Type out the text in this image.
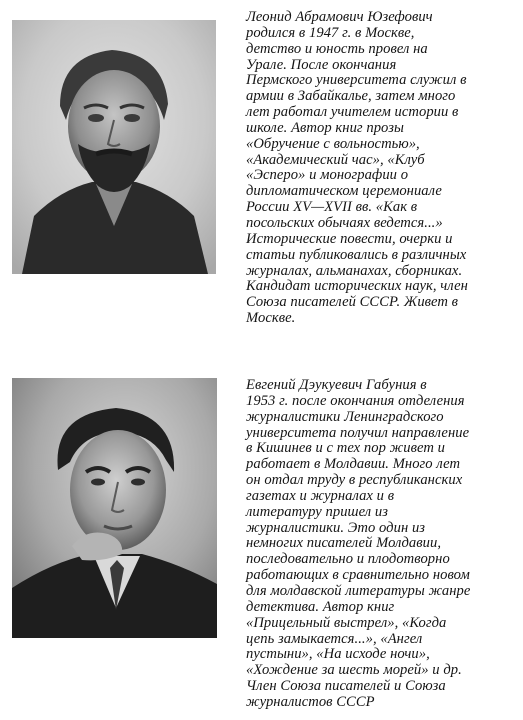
Леонид Абрамович Юзефович
родился в 1947 г. в Москве,
детство и юность провел на
Урале. После окончания
Пермского университета служил в
армии в Забайкалье, затем много
лет работал учителем истории в
школе. Автор книг прозы
«Обручение с вольностью»,
«Академический час», «Клуб
«Эсперо» и монографии о
дипломатическом церемониале
России XV—XVII вв. «Как в
посольских обычаях ведется...»
Исторические повести, очерки и
статьи публиковались в различных
журналах, альманахах, сборниках.
Кандидат исторических наук, член
Союза писателей СССР. Живет в
Москве.
Евгений Дэукуевич Габуния в
1953 г. после окончания отделения
журналистики Ленинградского
университета получил направление
в Кишинев и с тех пор живет и
работает в Молдавии. Много лет
он отдал труду в республиканских
газетах и журналах и в
литературу пришел из
журналистики. Это один из
немногих писателей Молдавии,
последовательно и плодотворно
работающих в сравнительно новом
для молдавской литературы жанре
детектива. Автор книг
«Прицельный выстрел», «Когда
цепь замыкается...», «Ангел
пустыни», «На исходе ночи»,
«Хождение за шесть морей» и др.
Член Союза писателей и Союза
журналистов СССР
